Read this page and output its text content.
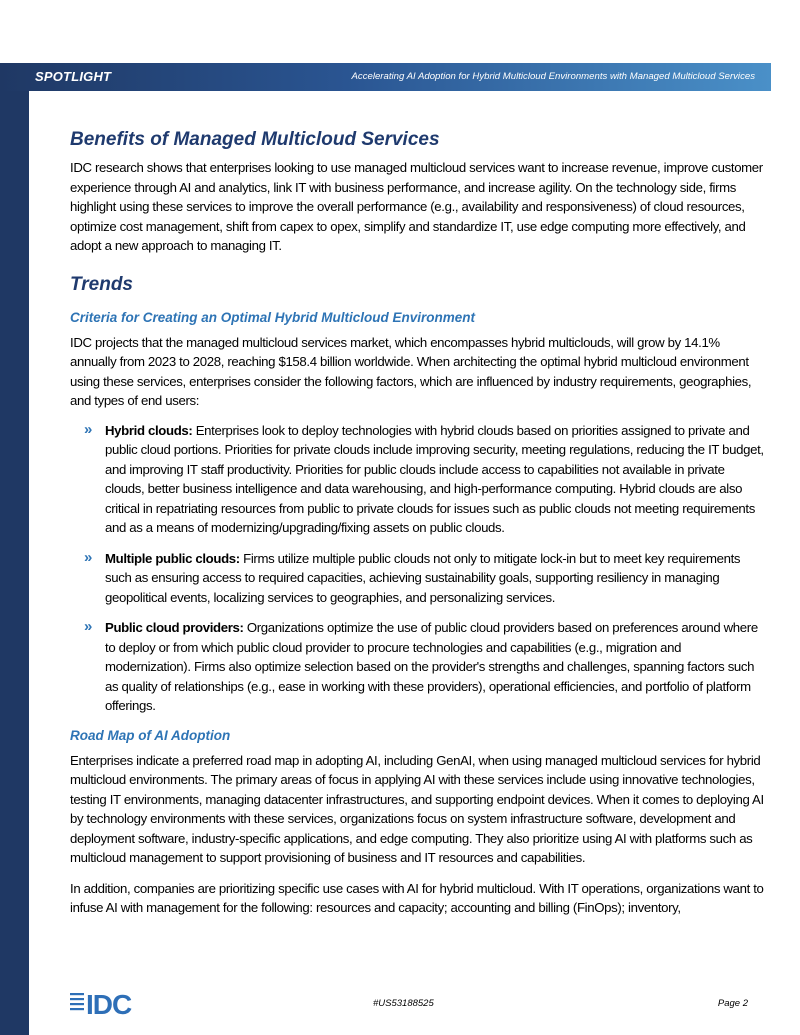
SPOTLIGHT	Accelerating AI Adoption for Hybrid Multicloud Environments with Managed Multicloud Services
Benefits of Managed Multicloud Services

IDC research shows that enterprises looking to use managed multicloud services want to increase revenue, improve customer experience through AI and analytics, link IT with business performance, and increase agility. On the technology side, firms highlight using these services to improve the overall performance (e.g., availability and responsiveness) of cloud resources, optimize cost management, shift from capex to opex, simplify and standardize IT, use edge computing more effectively, and adopt a new approach to managing IT.

Trends
Criteria for Creating an Optimal Hybrid Multicloud Environment

IDC projects that the managed multicloud services market, which encompasses hybrid multiclouds, will grow by 14.1% annually from 2023 to 2028, reaching $158.4 billion worldwide. When architecting the optimal hybrid multicloud environment using these services, enterprises consider the following factors, which are influenced by industry requirements, geographies, and types of end users:

» Hybrid clouds: Enterprises look to deploy technologies with hybrid clouds based on priorities assigned to private and public cloud portions. Priorities for private clouds include improving security, meeting regulations, reducing the IT budget, and improving IT staff productivity. Priorities for public clouds include access to capabilities not available in private clouds, better business intelligence and data warehousing, and high-performance computing. Hybrid clouds are also critical in repatriating resources from public to private clouds for issues such as public clouds not meeting requirements and as a means of modernizing/upgrading/fixing assets on public clouds.
» Multiple public clouds: Firms utilize multiple public clouds not only to mitigate lock-in but to meet key requirements such as ensuring access to required capacities, achieving sustainability goals, supporting resiliency in managing geopolitical events, localizing services to geographies, and personalizing services.
» Public cloud providers: Organizations optimize the use of public cloud providers based on preferences around where to deploy or from which public cloud provider to procure technologies and capabilities (e.g., migration and modernization). Firms also optimize selection based on the provider's strengths and challenges, spanning factors such as quality of relationships (e.g., ease in working with these providers), operational efficiencies, and portfolio of platform offerings.
Road Map of AI Adoption

Enterprises indicate a preferred road map in adopting AI, including GenAI, when using managed multicloud services for hybrid multicloud environments. The primary areas of focus in applying AI with these services include using innovative technologies, testing IT environments, managing datacenter infrastructures, and supporting endpoint devices. When it comes to deploying AI by technology environments with these services, organizations focus on system infrastructure software, development and deployment software, industry-specific applications, and edge computing. They also prioritize using AI with platforms such as multicloud management to support provisioning of business and IT resources and capabilities.

In addition, companies are prioritizing specific use cases with AI for hybrid multicloud. With IT operations, organizations want to infuse AI with management for the following: resources and capacity; accounting and billing (FinOps); inventory,

IDC	#US53188525	Page 2
